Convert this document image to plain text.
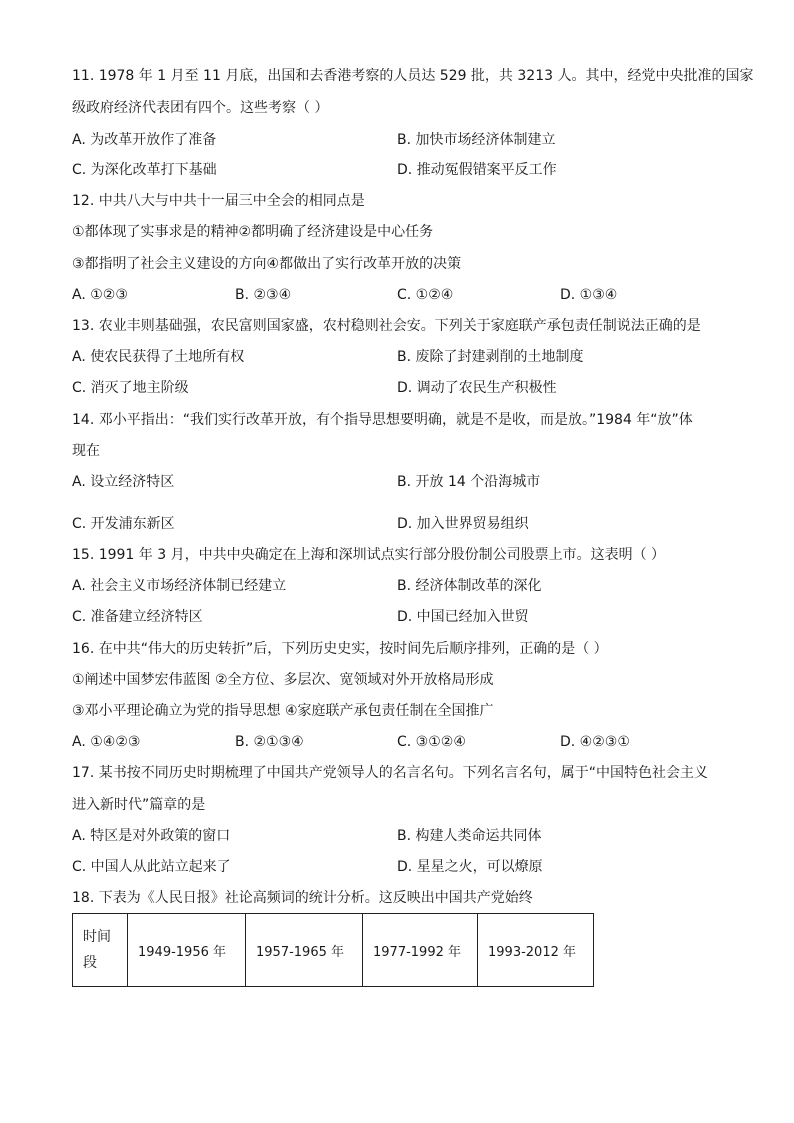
11. 1978 年 1 月至 11 月底，出国和去香港考察的人员达 529 批，共 3213 人。其中，经党中央批准的国家
级政府经济代表团有四个。这些考察（ ）
A. 为改革开放作了准备	B. 加快市场经济体制建立
C. 为深化改革打下基础	D. 推动冤假错案平反工作
12. 中共八大与中共十一届三中全会的相同点是
①都体现了实事求是的精神②都明确了经济建设是中心任务
③都指明了社会主义建设的方向④都做出了实行改革开放的决策
A. ①②③	B. ②③④	C. ①②④	D. ①③④
13. 农业丰则基础强，农民富则国家盛，农村稳则社会安。下列关于家庭联产承包责任制说法正确的是
A. 使农民获得了土地所有权	B. 废除了封建剥削的土地制度
C. 消灭了地主阶级	D. 调动了农民生产积极性
14. 邓小平指出：“我们实行改革开放，有个指导思想要明确，就是不是收，而是放。”1984 年“放”体
现在
A. 设立经济特区	B. 开放 14 个沿海城市
C. 开发浦东新区	D. 加入世界贸易组织
15. 1991 年 3 月，中共中央确定在上海和深圳试点实行部分股份制公司股票上市。这表明（ ）
A. 社会主义市场经济体制已经建立	B. 经济体制改革的深化
C. 准备建立经济特区	D. 中国已经加入世贸
16. 在中共“伟大的历史转折”后，下列历史史实，按时间先后顺序排列，正确的是（ ）
①阐述中国梦宏伟蓝图 ②全方位、多层次、宽领域对外开放格局形成
③邓小平理论确立为党的指导思想 ④家庭联产承包责任制在全国推广
A. ①④②③	B. ②①③④	C. ③①②④	D. ④②③①
17. 某书按不同历史时期梳理了中国共产党领导人的名言名句。下列名言名句，属于“中国特色社会主义
进入新时代”篇章的是
A. 特区是对外政策的窗口	B. 构建人类命运共同体
C. 中国人从此站立起来了	D. 星星之火，可以燎原
18. 下表为《人民日报》社论高频词的统计分析。这反映出中国共产党始终
时间段	1949-1956 年	1957-1965 年	1977-1992 年	1993-2012 年
